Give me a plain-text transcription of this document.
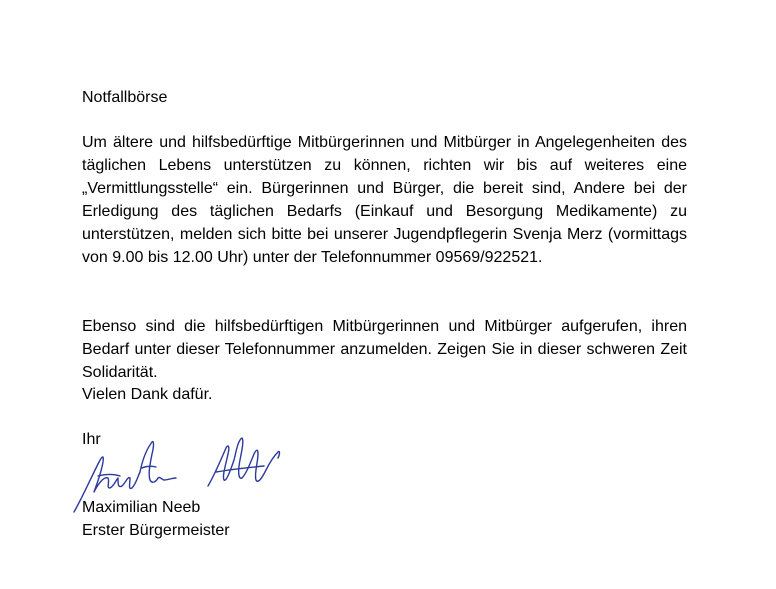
Notfallbörse

Um ältere und hilfsbedürftige Mitbürgerinnen und Mitbürger in Angelegenheiten des täglichen Lebens unterstützen zu können, richten wir bis auf weiteres eine „Vermittlungsstelle“ ein. Bürgerinnen und Bürger, die bereit sind, Andere bei der Erledigung des täglichen Bedarfs (Einkauf und Besorgung Medikamente) zu unterstützen, melden sich bitte bei unserer Jugendpflegerin Svenja Merz (vormittags von 9.00 bis 12.00 Uhr) unter der Telefonnummer 09569/922521.

Ebenso sind die hilfsbedürftigen Mitbürgerinnen und Mitbürger aufgerufen, ihren Bedarf unter dieser Telefonnummer anzumelden. Zeigen Sie in dieser schweren Zeit Solidarität.

Vielen Dank dafür.

Ihr

Maximilian Neeb

Erster Bürgermeister
